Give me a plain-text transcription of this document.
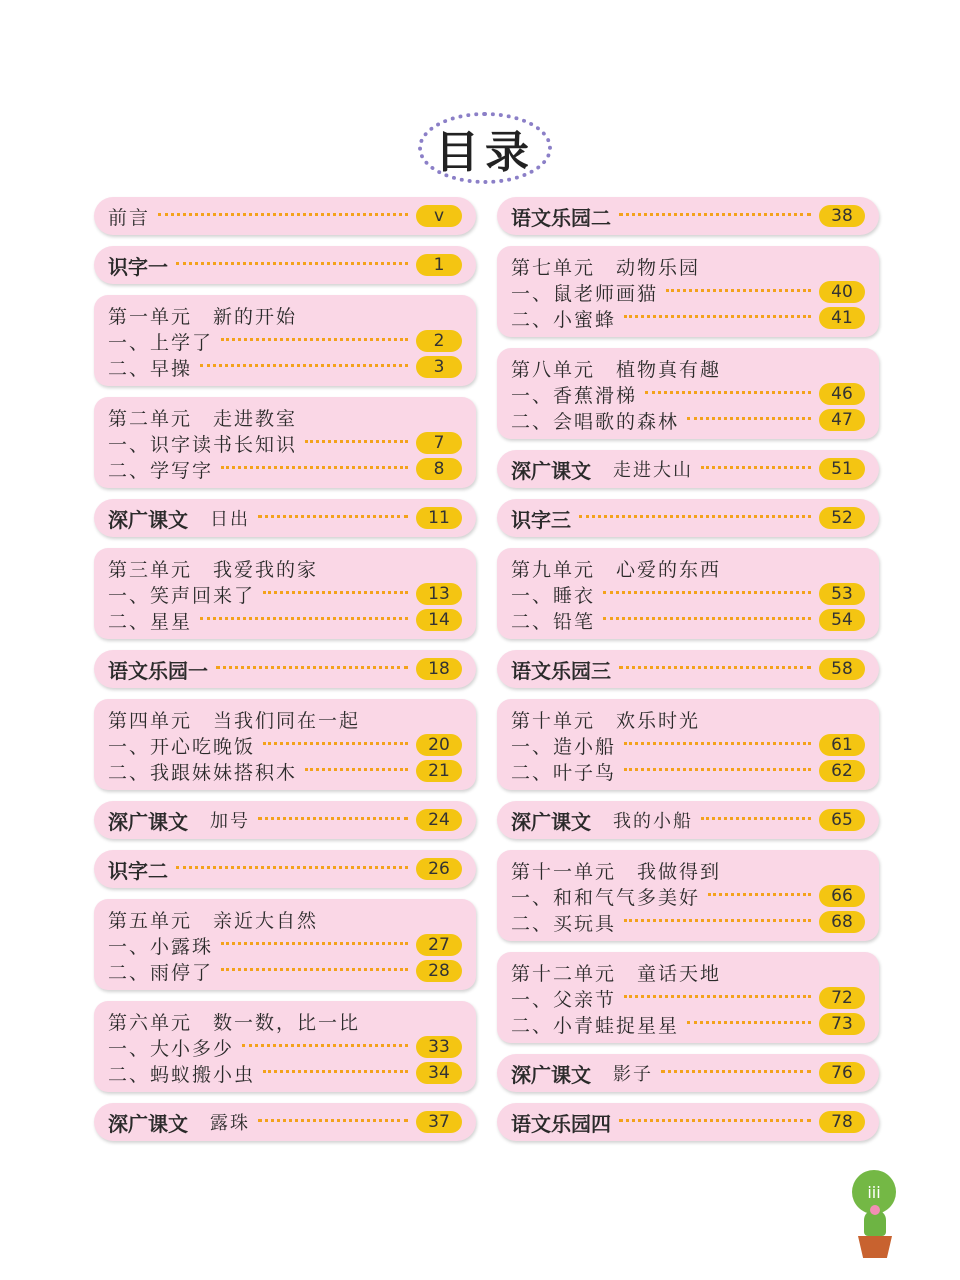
目录
前言	v
识字一	1
第一单元　新的开始
一、上学了	2
二、早操	3
第二单元　走进教室
一、识字读书长知识	7
二、学写字	8
深广课文 日出	11
第三单元　我爱我的家
一、笑声回来了	13
二、星星	14
语文乐园一	18
第四单元　当我们同在一起
一、开心吃晚饭	20
二、我跟妹妹搭积木	21
深广课文 加号	24
识字二	26
第五单元　亲近大自然
一、小露珠	27
二、雨停了	28
第六单元　数一数，比一比
一、大小多少	33
二、蚂蚁搬小虫	34
深广课文 露珠	37
语文乐园二	38
第七单元　动物乐园
一、鼠老师画猫	40
二、小蜜蜂	41
第八单元　植物真有趣
一、香蕉滑梯	46
二、会唱歌的森林	47
深广课文 走进大山	51
识字三	52
第九单元　心爱的东西
一、睡衣	53
二、铅笔	54
语文乐园三	58
第十单元　欢乐时光
一、造小船	61
二、叶子鸟	62
深广课文 我的小船	65
第十一单元　我做得到
一、和和气气多美好	66
二、买玩具	68
第十二单元　童话天地
一、父亲节	72
二、小青蛙捉星星	73
深广课文 影子	76
语文乐园四	78
iii
